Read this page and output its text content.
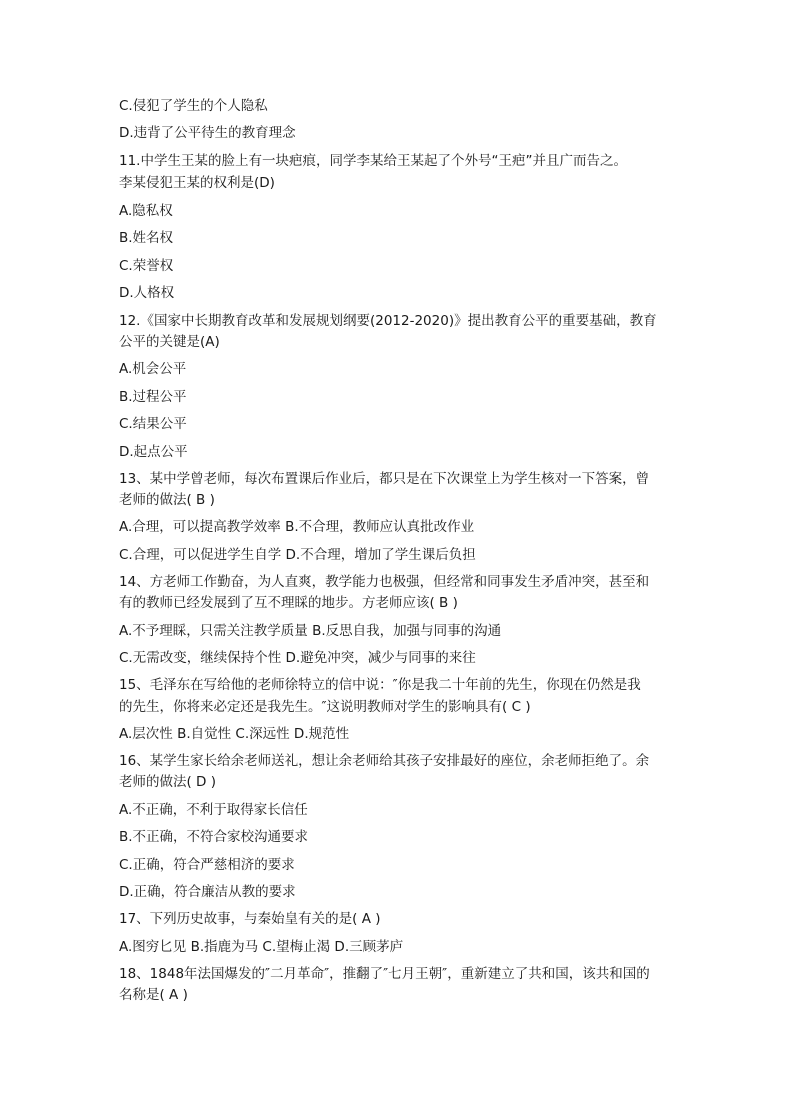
C.侵犯了学生的个人隐私
D.违背了公平待生的教育理念
11.中学生王某的脸上有一块疤痕，同学李某给王某起了个外号“王疤”并且广而告之。
李某侵犯王某的权利是(D)
A.隐私权
B.姓名权
C.荣誉权
D.人格权
12.《国家中长期教育改革和发展规划纲要(2012-2020)》提出教育公平的重要基础，教育
公平的关键是(A)
A.机会公平
B.过程公平
C.结果公平
D.起点公平
13、某中学曾老师，每次布置课后作业后，都只是在下次课堂上为学生核对一下答案，曾
老师的做法( B )
A.合理，可以提高教学效率 B.不合理，教师应认真批改作业
C.合理，可以促进学生自学 D.不合理，增加了学生课后负担
14、方老师工作勤奋，为人直爽，教学能力也极强，但经常和同事发生矛盾冲突，甚至和
有的教师已经发展到了互不理睬的地步。方老师应该( B )
A.不予理睬，只需关注教学质量 B.反思自我，加强与同事的沟通
C.无需改变，继续保持个性 D.避免冲突，减少与同事的来往
15、毛泽东在写给他的老师徐特立的信中说：″你是我二十年前的先生，你现在仍然是我
的先生，你将来必定还是我先生。″这说明教师对学生的影响具有( C )
A.层次性 B.自觉性 C.深远性 D.规范性
16、某学生家长给余老师送礼，想让余老师给其孩子安排最好的座位，余老师拒绝了。余
老师的做法( D )
A.不正确，不利于取得家长信任
B.不正确，不符合家校沟通要求
C.正确，符合严慈相济的要求
D.正确，符合廉洁从教的要求
17、下列历史故事，与秦始皇有关的是( A )
A.图穷匕见 B.指鹿为马 C.望梅止渴 D.三顾茅庐
18、1848年法国爆发的″二月革命″，推翻了″七月王朝″，重新建立了共和国，该共和国的
名称是( A )
